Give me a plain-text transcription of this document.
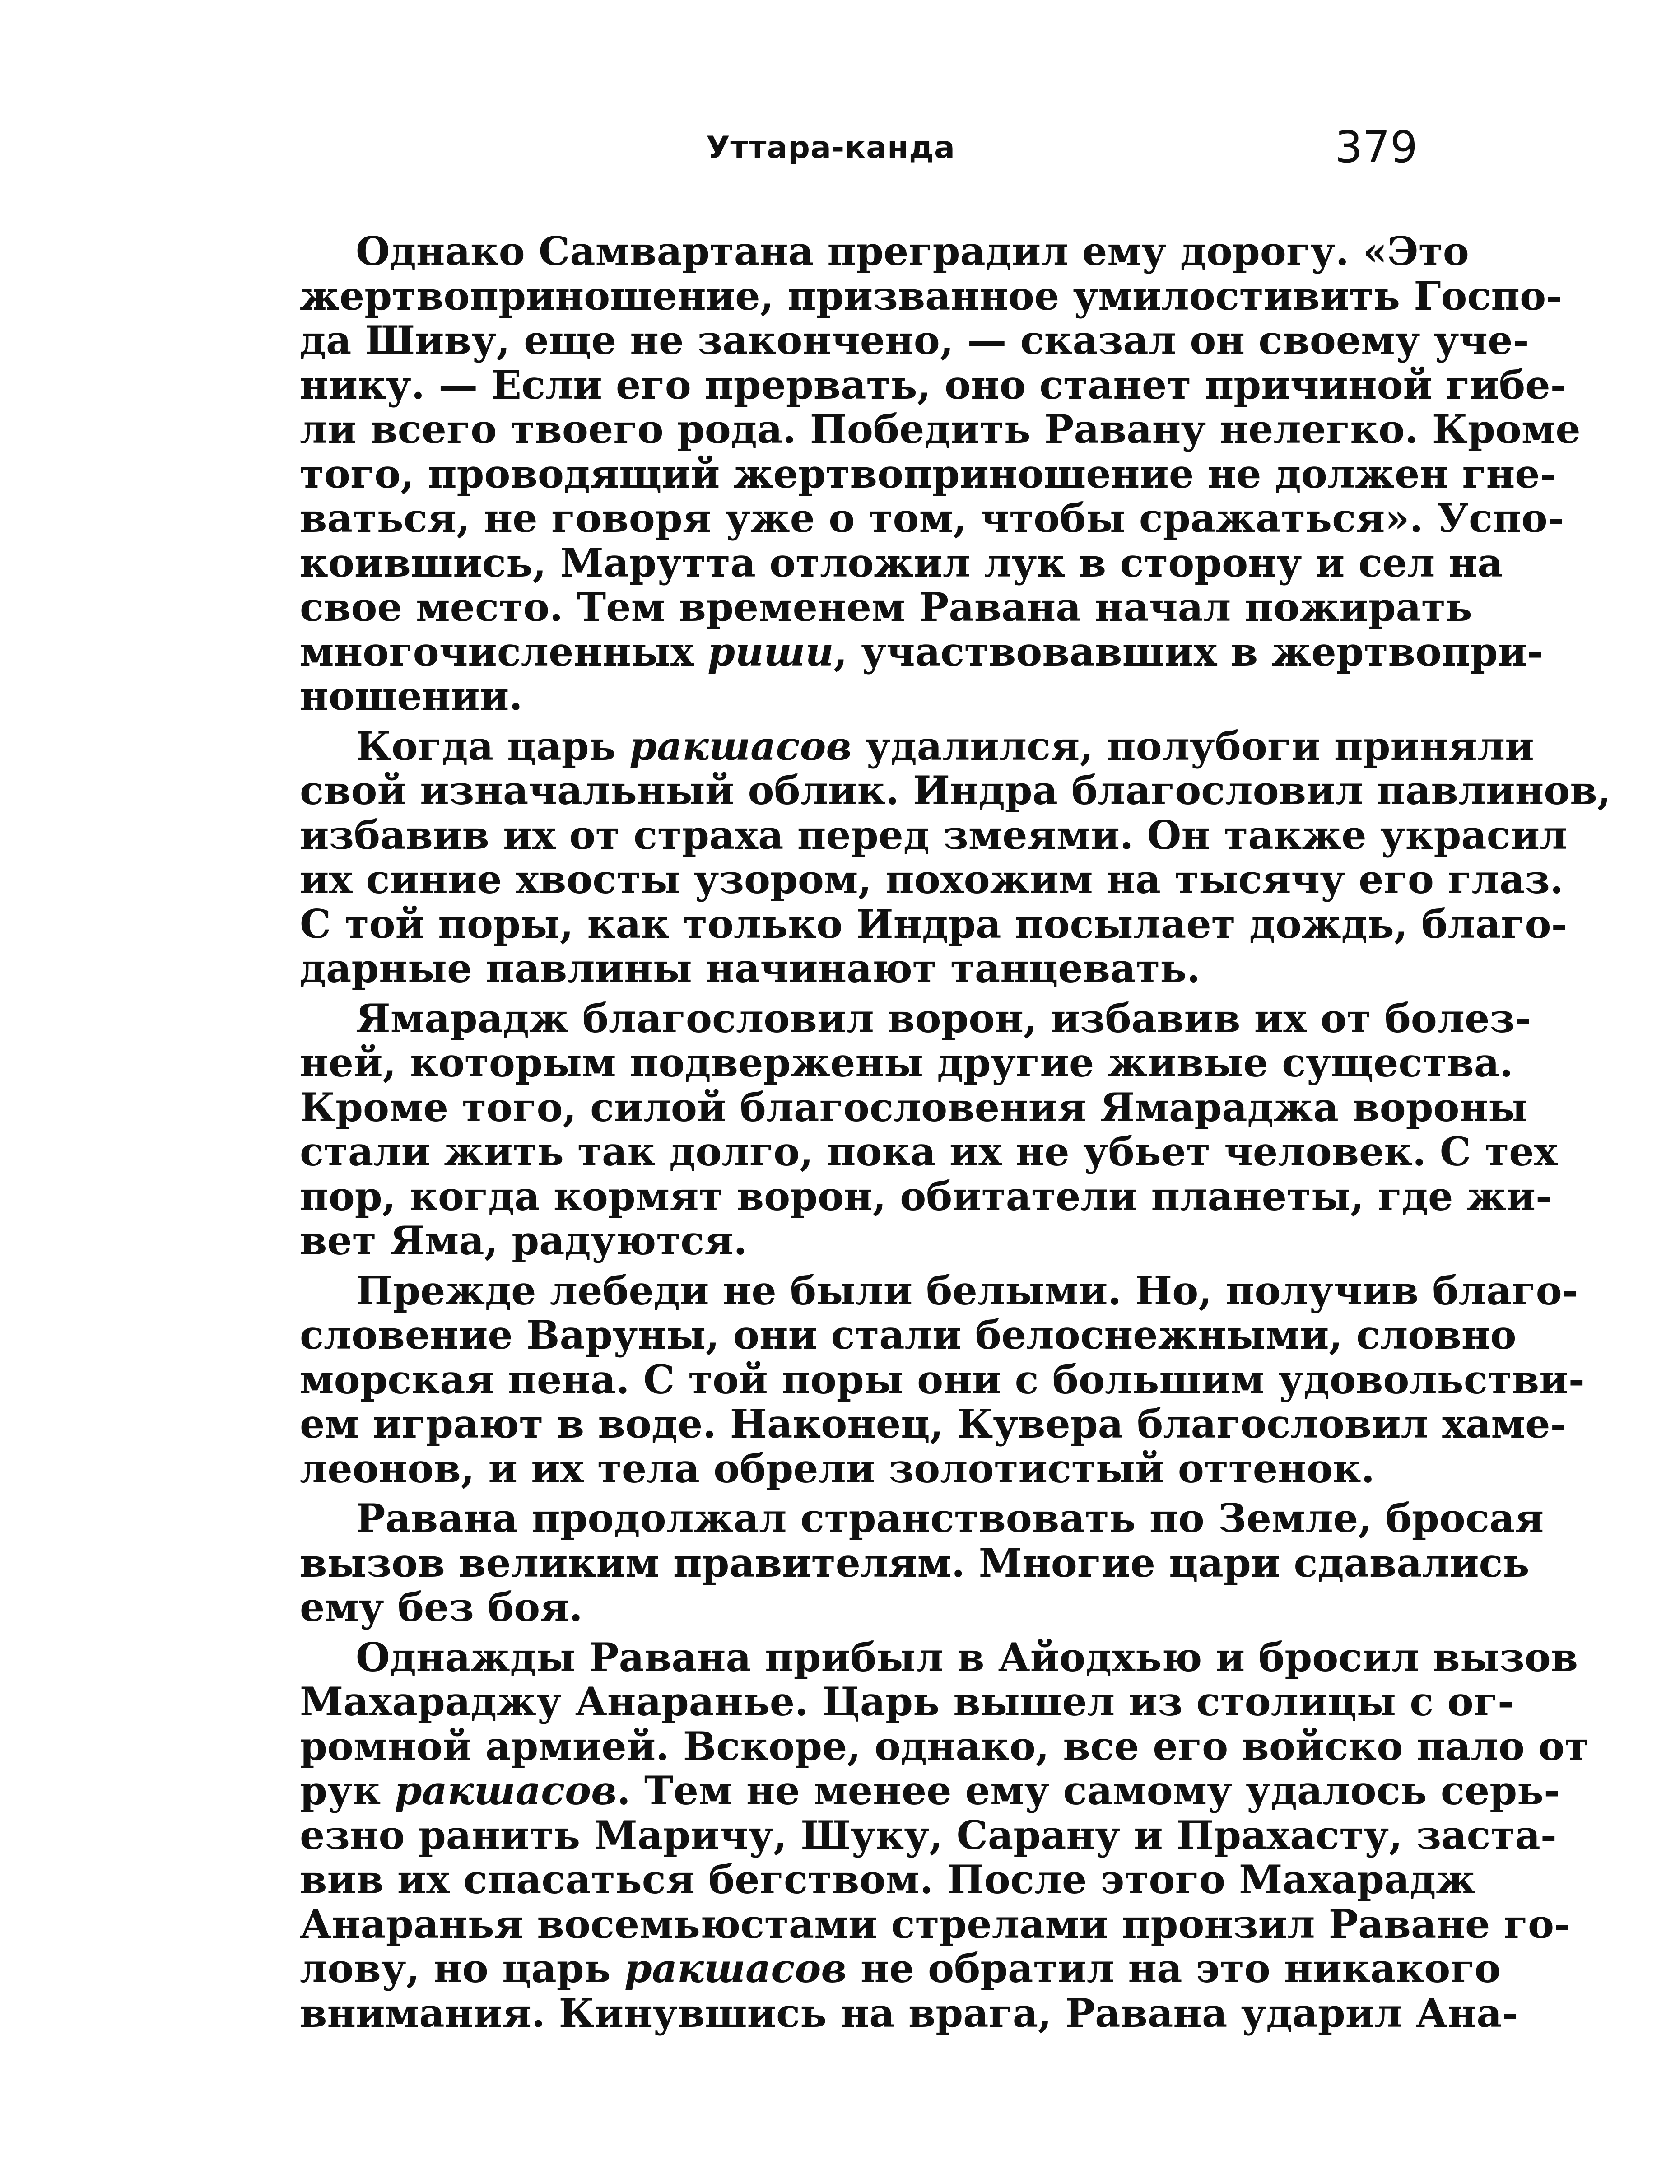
Уттара-канда	379
Однако Самвартана преградил ему дорогу. «Это
жертвоприношение, призванное умилостивить Госпо-
да Шиву, еще не закончено, — сказал он своему уче-
нику. — Если его прервать, оно станет причиной гибе-
ли всего твоего рода. Победить Равану нелегко. Кроме
того, проводящий жертвоприношение не должен гне-
ваться, не говоря уже о том, чтобы сражаться». Успо-
коившись, Марутта отложил лук в сторону и сел на
свое место. Тем временем Равана начал пожирать
многочисленных риши, участвовавших в жертвопри-
ношении.
Когда царь ракшасов удалился, полубоги приняли
свой изначальный облик. Индра благословил павлинов,
избавив их от страха перед змеями. Он также украсил
их синие хвосты узором, похожим на тысячу его глаз.
С той поры, как только Индра посылает дождь, благо-
дарные павлины начинают танцевать.
Ямарадж благословил ворон, избавив их от болез-
ней, которым подвержены другие живые существа.
Кроме того, силой благословения Ямараджа вороны
стали жить так долго, пока их не убьет человек. С тех
пор, когда кормят ворон, обитатели планеты, где жи-
вет Яма, радуются.
Прежде лебеди не были белыми. Но, получив благо-
словение Варуны, они стали белоснежными, словно
морская пена. С той поры они с большим удовольстви-
ем играют в воде. Наконец, Кувера благословил хаме-
леонов, и их тела обрели золотистый оттенок.
Равана продолжал странствовать по Земле, бросая
вызов великим правителям. Многие цари сдавались
ему без боя.
Однажды Равана прибыл в Айодхью и бросил вызов
Махараджу Анаранье. Царь вышел из столицы с ог-
ромной армией. Вскоре, однако, все его войско пало от
рук ракшасов. Тем не менее ему самому удалось серь-
езно ранить Маричу, Шуку, Сарану и Прахасту, заста-
вив их спасаться бегством. После этого Махарадж
Анаранья восемьюстами стрелами пронзил Раване го-
лову, но царь ракшасов не обратил на это никакого
внимания. Кинувшись на врага, Равана ударил Ана-
